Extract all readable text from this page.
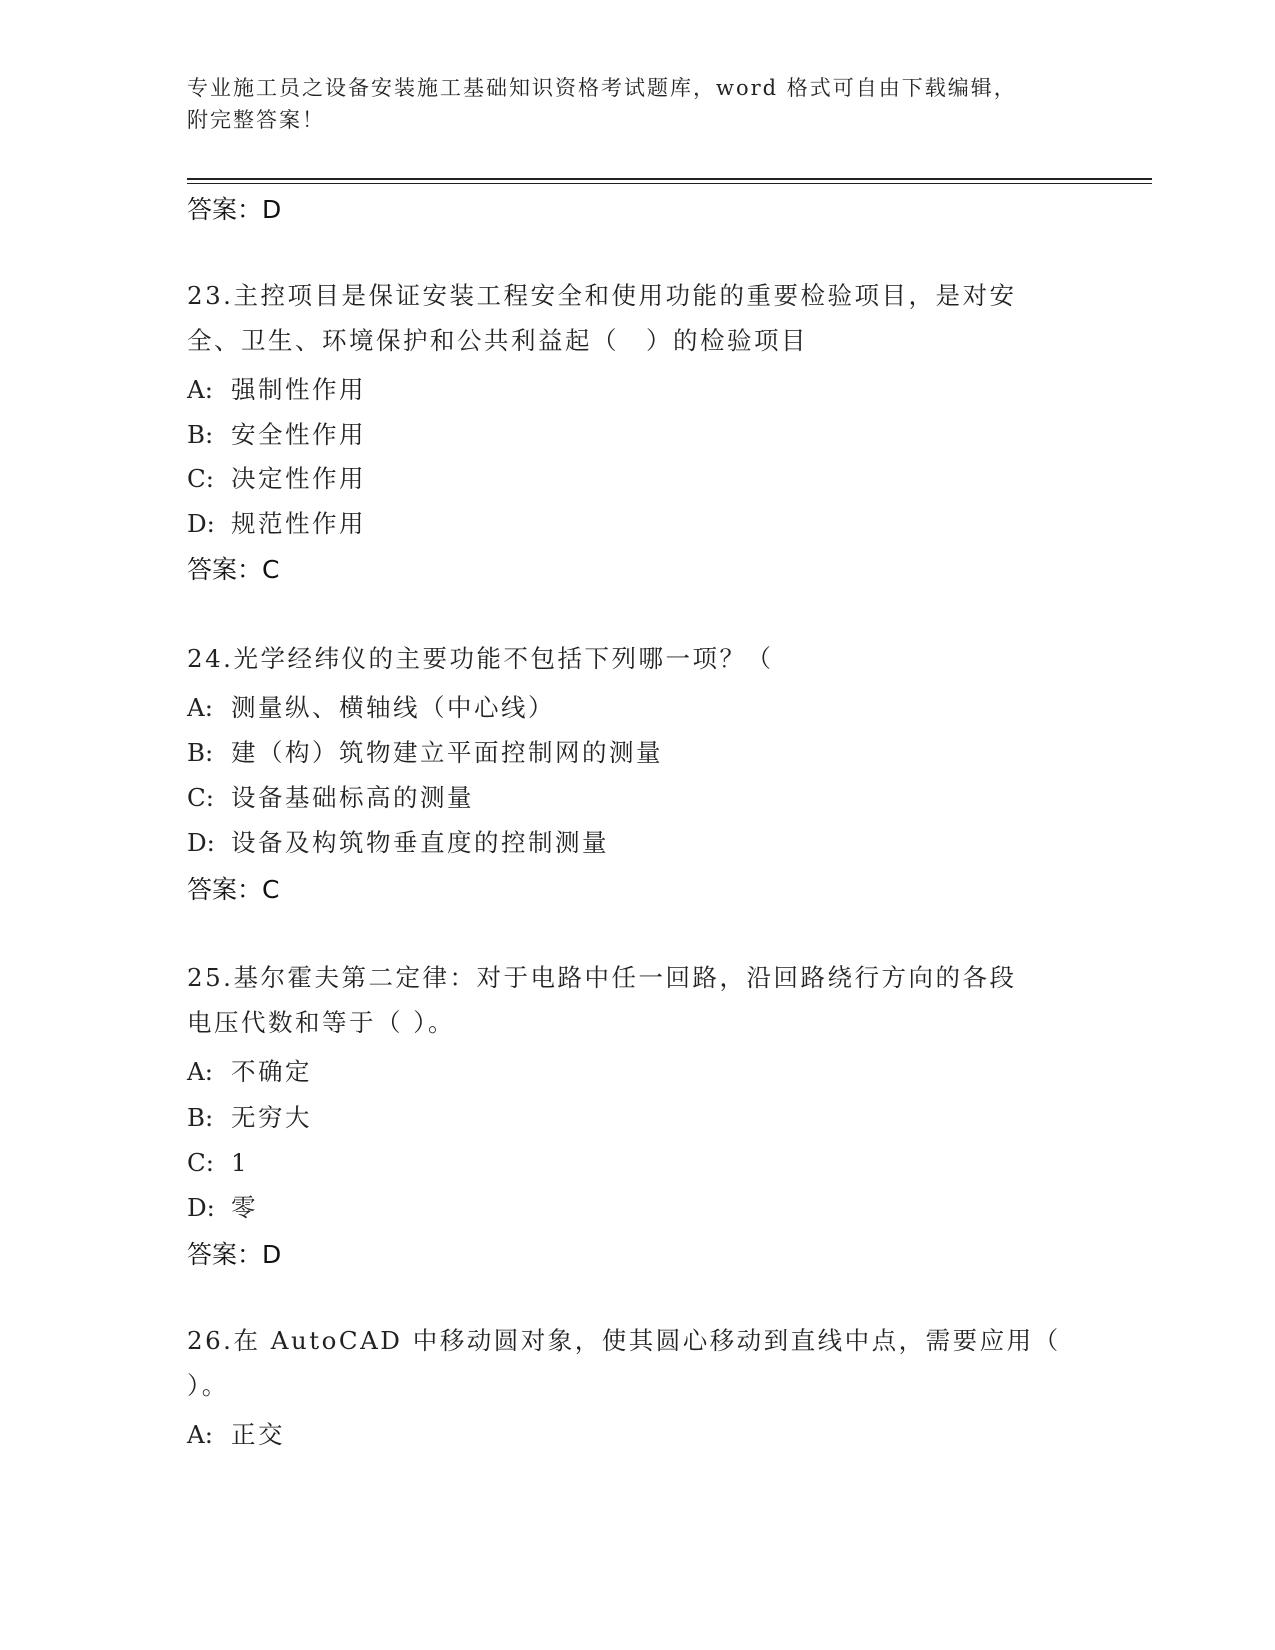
专业施工员之设备安装施工基础知识资格考试题库，word 格式可自由下载编辑，
附完整答案！
答案：D
23.主控项目是保证安装工程安全和使用功能的重要检验项目，是对安
全、卫生、环境保护和公共利益起（　）的检验项目
A: 强制性作用
B: 安全性作用
C: 决定性作用
D: 规范性作用
答案：C
24.光学经纬仪的主要功能不包括下列哪一项？（
A: 测量纵、横轴线（中心线）
B: 建（构）筑物建立平面控制网的测量
C: 设备基础标高的测量
D: 设备及构筑物垂直度的控制测量
答案：C
25.基尔霍夫第二定律：对于电路中任一回路，沿回路绕行方向的各段
电压代数和等于（ ）。
A: 不确定
B: 无穷大
C: 1
D: 零
答案：D
26.在 AutoCAD 中移动圆对象，使其圆心移动到直线中点，需要应用（
）。
A: 正交
